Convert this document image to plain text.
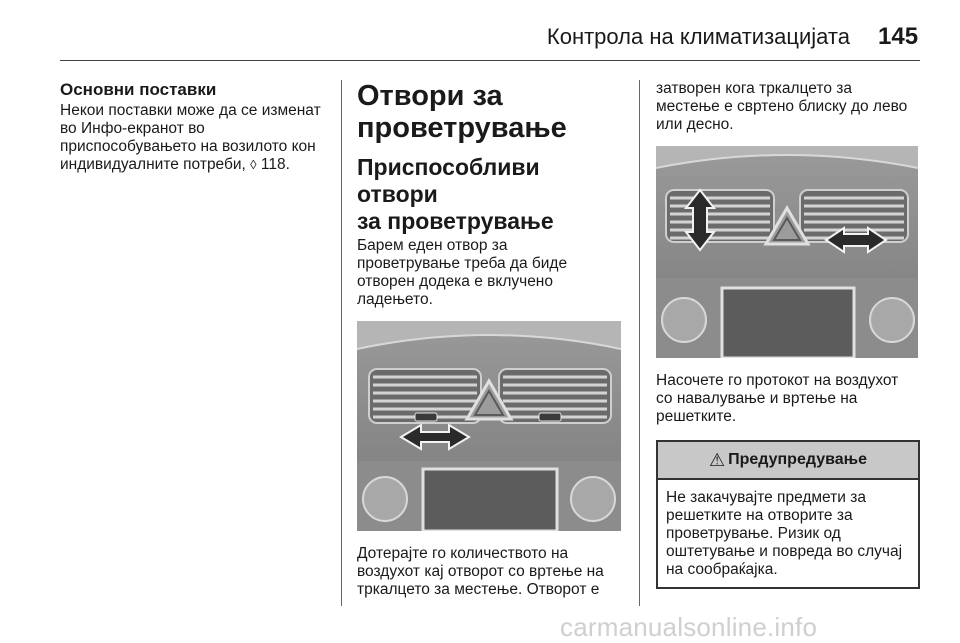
Контрола на климатизацијата 145
Основни поставки

Некои поставки може да се изменат
во Инфо-екранот во
приспособувањето на возилото кон
индивидуалните потреби, ◊ 118.

Отвори за
проветрување
Приспособливи отвори
за проветрување

Барем еден отвор за
проветрување треба да биде
отворен додека е вклучено
ладењето.

Дотерајте го количеството на
воздухот кај отворот со вртење на
тркалцето за местење. Отворот е

затворен кога тркалцето за
местење е свртено блиску до лево
или десно.

Насочете го протокот на воздухот
со навалување и вртење на
решетките.

⚠ Предупредување

Не закачувајте предмети за
решетките на отворите за
проветрување. Ризик од
оштетување и повреда во случај
на сообраќајка.

carmanualsonline.info
